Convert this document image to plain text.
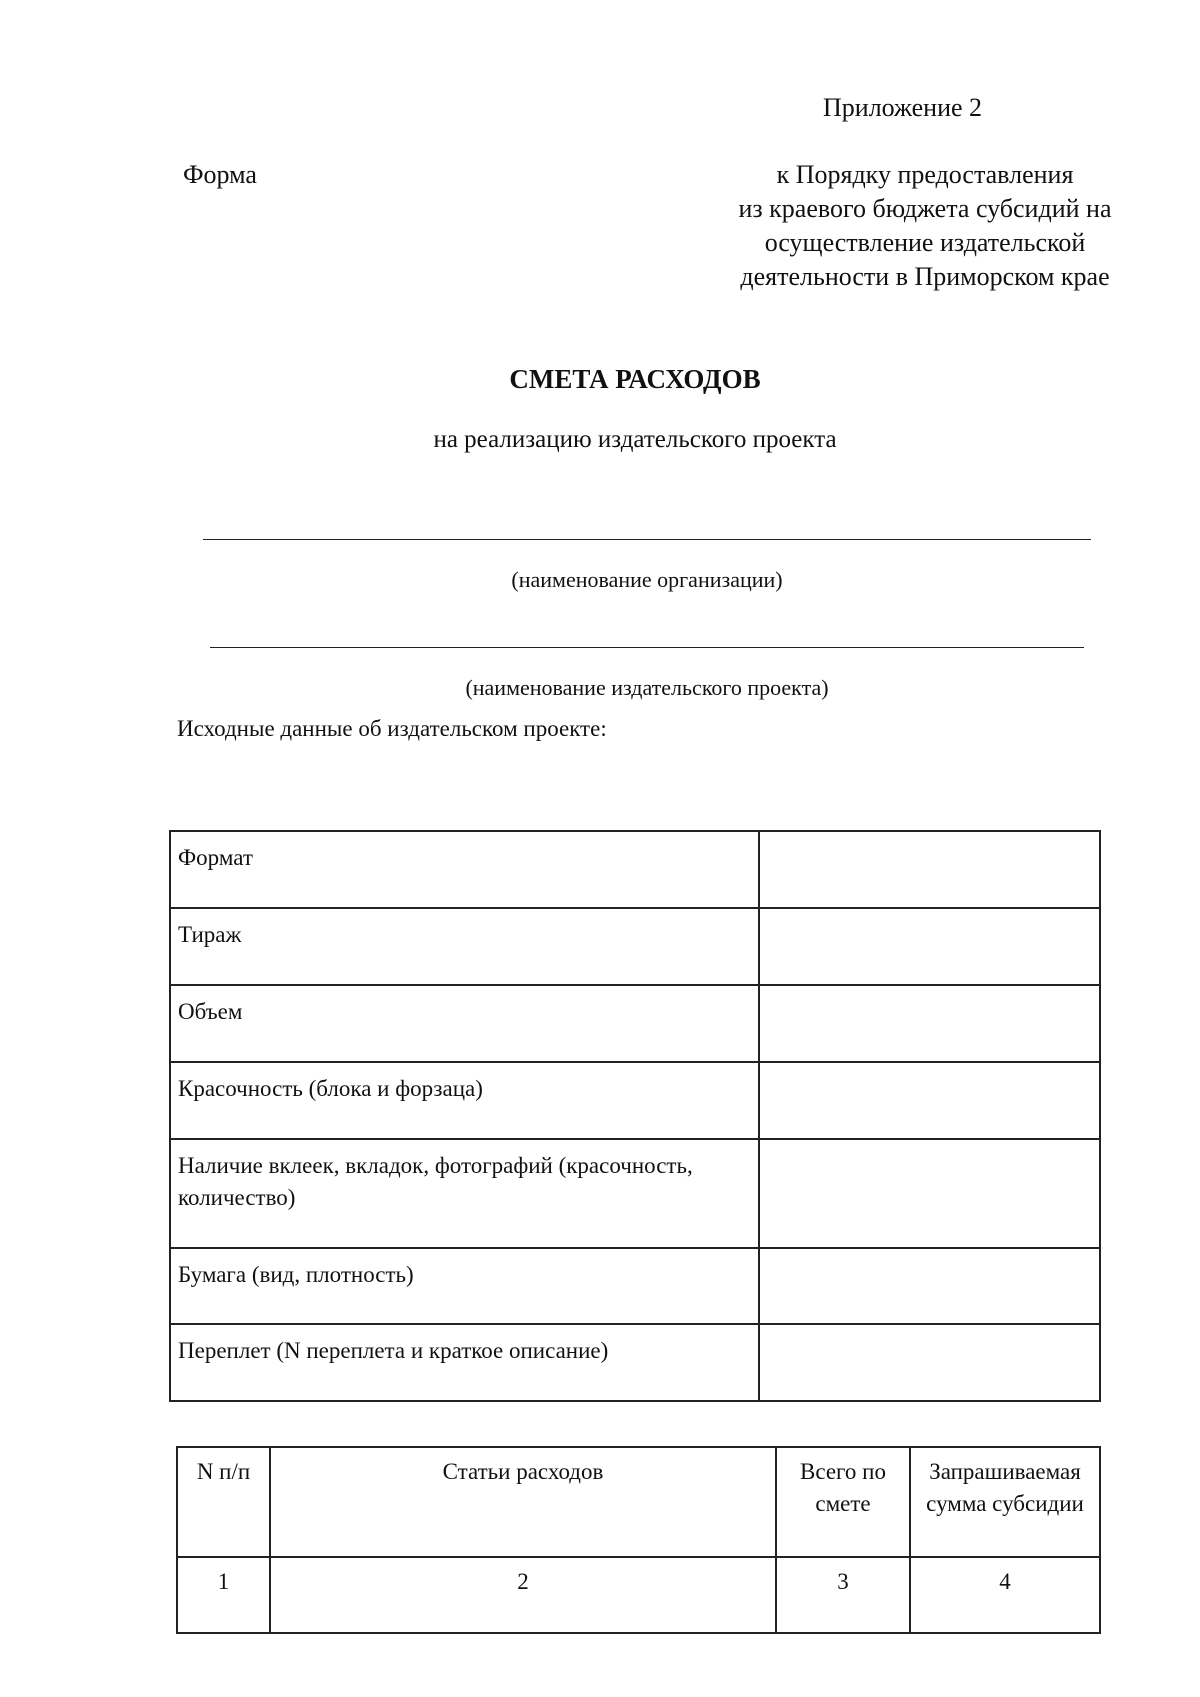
Приложение 2
Форма	к Порядку предоставления
из краевого бюджета субсидий на
осуществление издательской
деятельности в Приморском крае
СМЕТА РАСХОДОВ
на реализацию издательского проекта
(наименование организации)
(наименование издательского проекта)
Исходные данные об издательском проекте:
Формат	
Тираж	
Объем	
Красочность (блока и форзаца)	
Наличие вклеек, вкладок, фотографий (красочность, количество)	
Бумага (вид, плотность)	
Переплет (N переплета и краткое описание)	
N п/п	Статьи расходов	Всего по смете	Запрашиваемая сумма субсидии
1	2	3	4
